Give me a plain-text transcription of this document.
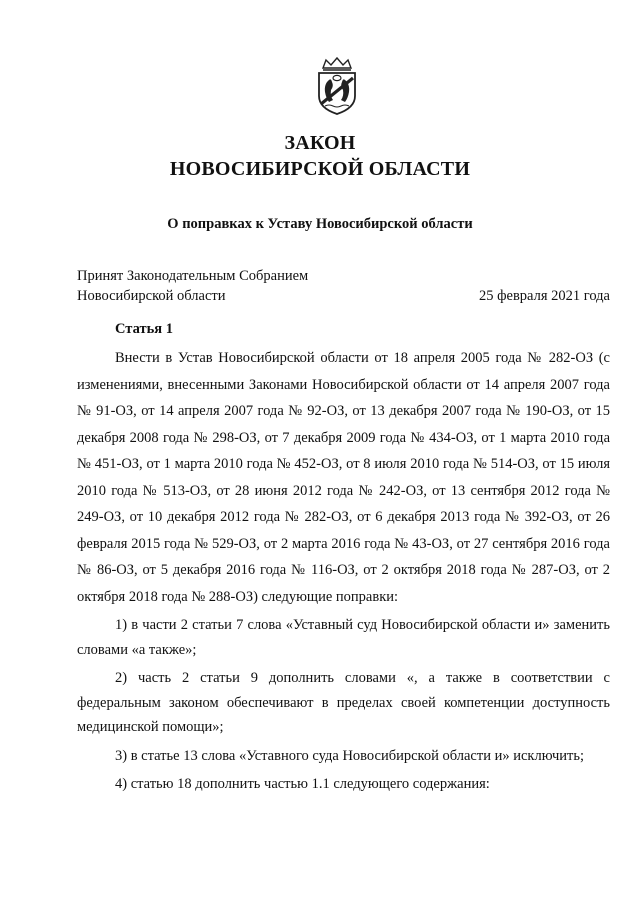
ЗАКОН
НОВОСИБИРСКОЙ ОБЛАСТИ
О поправках к Уставу Новосибирской области
Принят Законодательным Собранием
Новосибирской области	25 февраля 2021 года
Статья 1

Внести в Устав Новосибирской области от 18 апреля 2005 года № 282-ОЗ (с изменениями, внесенными Законами Новосибирской области от 14 апреля 2007 года № 91-ОЗ, от 14 апреля 2007 года № 92-ОЗ, от 13 декабря 2007 года № 190-ОЗ, от 15 декабря 2008 года № 298-ОЗ, от 7 декабря 2009 года № 434-ОЗ, от 1 марта 2010 года № 451-ОЗ, от 1 марта 2010 года № 452-ОЗ, от 8 июля 2010 года № 514-ОЗ, от 15 июля 2010 года № 513-ОЗ, от 28 июня 2012 года № 242-ОЗ, от 13 сентября 2012 года № 249-ОЗ, от 10 декабря 2012 года № 282-ОЗ, от 6 декабря 2013 года № 392-ОЗ, от 26 февраля 2015 года № 529-ОЗ, от 2 марта 2016 года № 43-ОЗ, от 27 сентября 2016 года № 86-ОЗ, от 5 декабря 2016 года № 116-ОЗ, от 2 октября 2018 года № 287-ОЗ, от 2 октября 2018 года № 288-ОЗ) следующие поправки:

1) в части 2 статьи 7 слова «Уставный суд Новосибирской области и» заменить словами «а также»;

2) часть 2 статьи 9 дополнить словами «, а также в соответствии с федеральным законом обеспечивают в пределах своей компетенции доступность медицинской помощи»;

3) в статье 13 слова «Уставного суда Новосибирской области и» исключить;

4) статью 18 дополнить частью 1.1 следующего содержания:
